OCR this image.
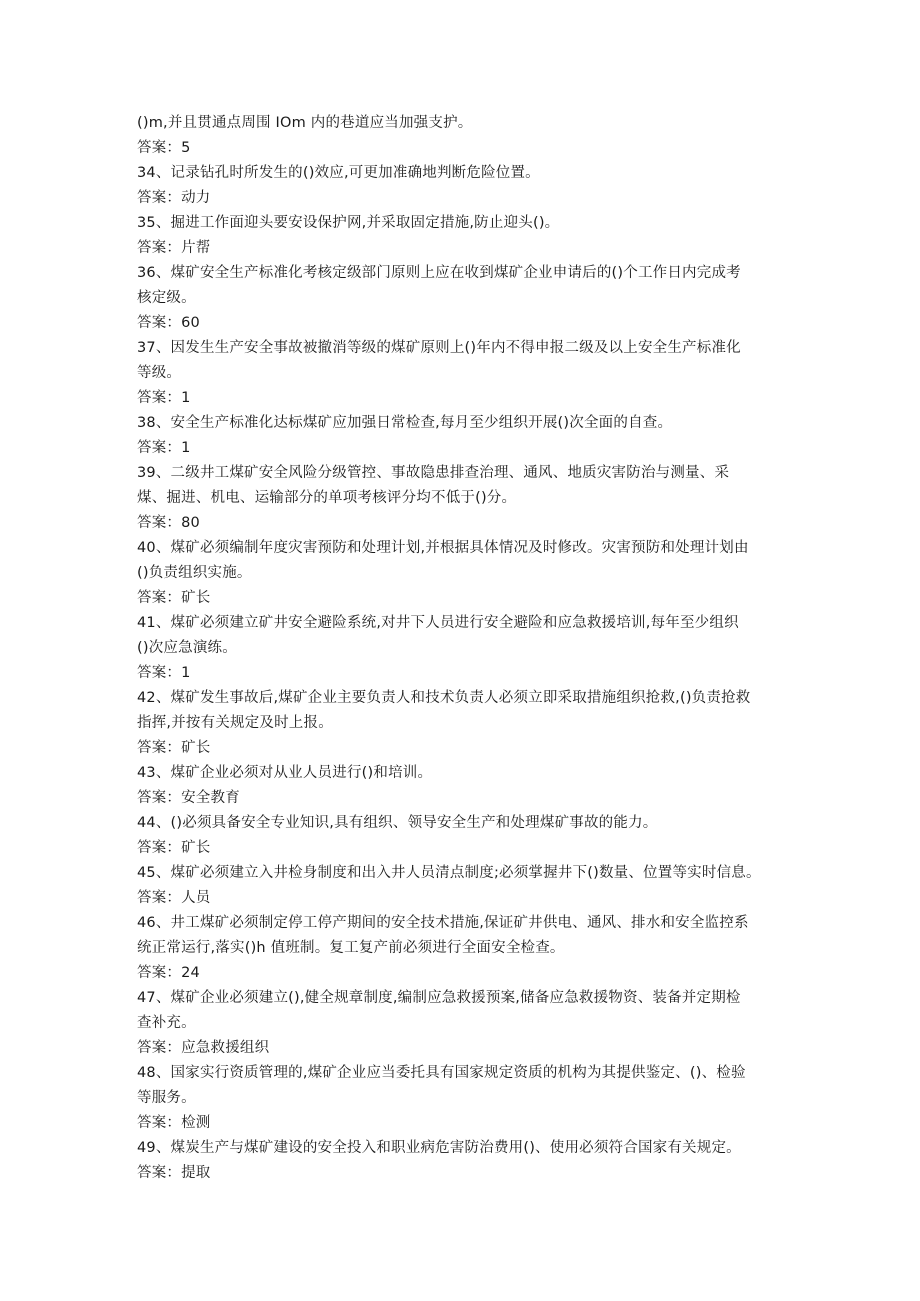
()m,并且贯通点周围 IOm 内的巷道应当加强支护。
答案：5
34、记录钻孔时所发生的()效应,可更加准确地判断危险位置。
答案：动力
35、掘进工作面迎头要安设保护网,并采取固定措施,防止迎头()。
答案：片帮
36、煤矿安全生产标准化考核定级部门原则上应在收到煤矿企业申请后的()个工作日内完成考
核定级。
答案：60
37、因发生生产安全事故被撤消等级的煤矿原则上()年内不得申报二级及以上安全生产标准化
等级。
答案：1
38、安全生产标准化达标煤矿应加强日常检查,每月至少组织开展()次全面的自查。
答案：1
39、二级井工煤矿安全风险分级管控、事故隐患排查治理、通风、地质灾害防治与测量、采
煤、掘进、机电、运输部分的单项考核评分均不低于()分。
答案：80
40、煤矿必须编制年度灾害预防和处理计划,并根据具体情况及时修改。灾害预防和处理计划由
()负责组织实施。
答案：矿长
41、煤矿必须建立矿井安全避险系统,对井下人员进行安全避险和应急救援培训,每年至少组织
()次应急演练。
答案：1
42、煤矿发生事故后,煤矿企业主要负责人和技术负责人必须立即采取措施组织抢救,()负责抢救
指挥,并按有关规定及时上报。
答案：矿长
43、煤矿企业必须对从业人员进行()和培训。
答案：安全教育
44、()必须具备安全专业知识,具有组织、领导安全生产和处理煤矿事故的能力。
答案：矿长
45、煤矿必须建立入井检身制度和出入井人员清点制度;必须掌握井下()数量、位置等实时信息。
答案：人员
46、井工煤矿必须制定停工停产期间的安全技术措施,保证矿井供电、通风、排水和安全监控系
统正常运行,落实()h 值班制。复工复产前必须进行全面安全检查。
答案：24
47、煤矿企业必须建立(),健全规章制度,编制应急救援预案,储备应急救援物资、装备并定期检
查补充。
答案：应急救援组织
48、国家实行资质管理的,煤矿企业应当委托具有国家规定资质的机构为其提供鉴定、()、检验
等服务。
答案：检测
49、煤炭生产与煤矿建设的安全投入和职业病危害防治费用()、使用必须符合国家有关规定。
答案：提取
